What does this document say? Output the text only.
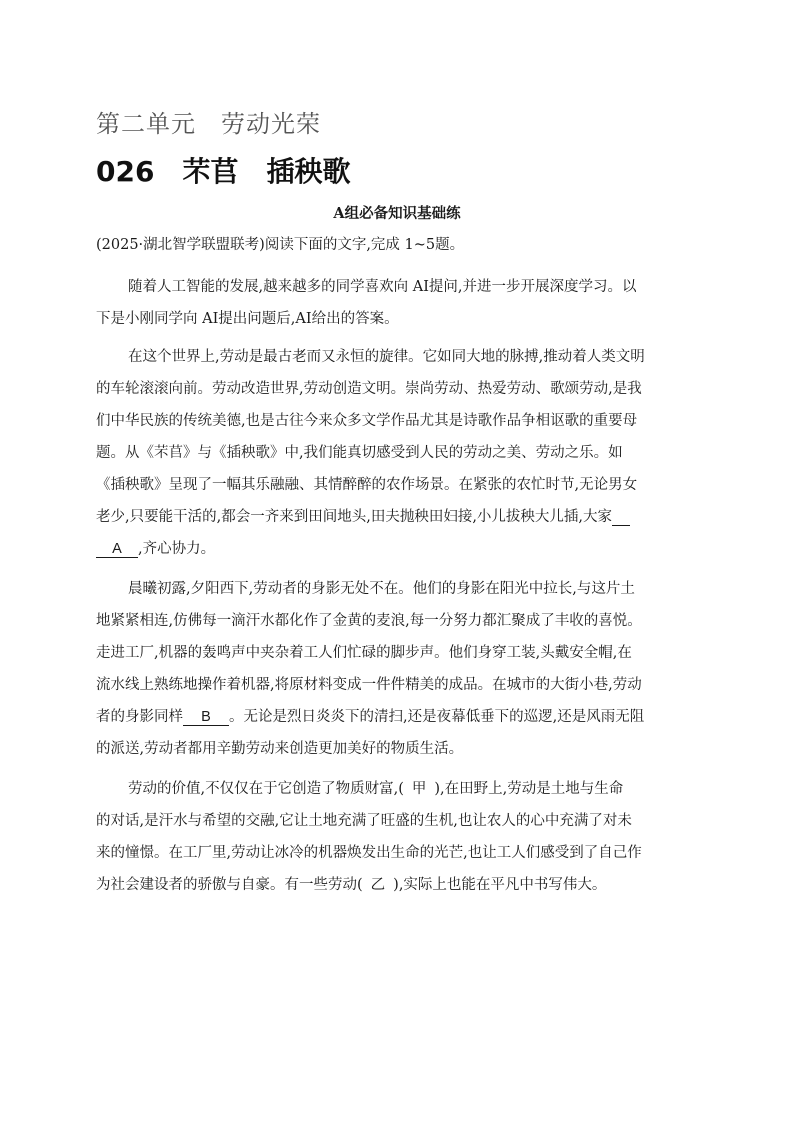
第二单元　劳动光荣
026　芣苢　插秧歌
A组必备知识基础练
(2025·湖北智学联盟联考)阅读下面的文字,完成 1~5题。
随着人工智能的发展,越来越多的同学喜欢向 AI提问,并进一步开展深度学习。以
下是小刚同学向 AI提出问题后,AI给出的答案。
在这个世界上,劳动是最古老而又永恒的旋律。它如同大地的脉搏,推动着人类文明
的车轮滚滚向前。劳动改造世界,劳动创造文明。崇尚劳动、热爱劳动、歌颂劳动,是我
们中华民族的传统美德,也是古往今来众多文学作品尤其是诗歌作品争相讴歌的重要母
题。从《芣苢》与《插秧歌》中,我们能真切感受到人民的劳动之美、劳动之乐。如
《插秧歌》呈现了一幅其乐融融、其情醉醉的农作场景。在紧张的农忙时节,无论男女
老少,只要能干活的,都会一齐来到田间地头,田夫抛秧田妇接,小儿拔秧大儿插,大家
A ,齐心协力。
晨曦初露,夕阳西下,劳动者的身影无处不在。他们的身影在阳光中拉长,与这片土
地紧紧相连,仿佛每一滴汗水都化作了金黄的麦浪,每一分努力都汇聚成了丰收的喜悦。
走进工厂,机器的轰鸣声中夹杂着工人们忙碌的脚步声。他们身穿工装,头戴安全帽,在
流水线上熟练地操作着机器,将原材料变成一件件精美的成品。在城市的大街小巷,劳动
者的身影同样 B 。无论是烈日炎炎下的清扫,还是夜幕低垂下的巡逻,还是风雨无阻
的派送,劳动者都用辛勤劳动来创造更加美好的物质生活。
劳动的价值,不仅仅在于它创造了物质财富,( 甲 ),在田野上,劳动是土地与生命
的对话,是汗水与希望的交融,它让土地充满了旺盛的生机,也让农人的心中充满了对未
来的憧憬。在工厂里,劳动让冰冷的机器焕发出生命的光芒,也让工人们感受到了自己作
为社会建设者的骄傲与自豪。有一些劳动( 乙 ),实际上也能在平凡中书写伟大。
